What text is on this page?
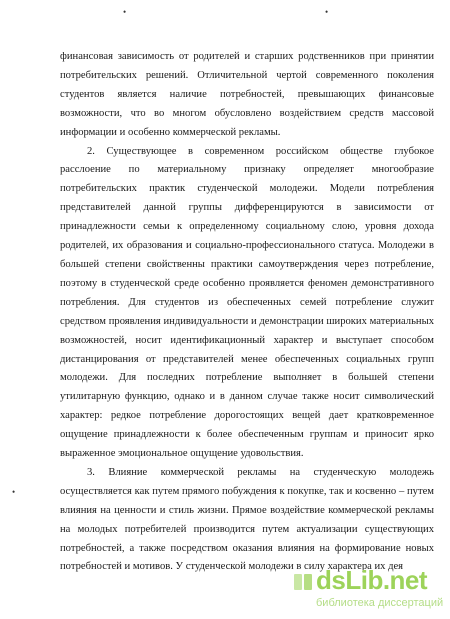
•	•
•

финансовая зависимость от родителей и старших родственников при принятии потребительских решений. Отличительной чертой современного поколения студентов является наличие потребностей, превышающих финансовые возможности, что во многом обусловлено воздействием средств массовой информации и особенно коммерческой рекламы.

2. Существующее в современном российском обществе глубокое расслоение по материальному признаку определяет многообразие потребительских практик студенческой молодежи. Модели потребления представителей данной группы дифференцируются в зависимости от принадлежности семьи к определенному социальному слою, уровня дохода родителей, их образования и социально-профессионального статуса. Молодежи в большей степени свойственны практики самоутверждения через потребление, поэтому в студенческой среде особенно проявляется феномен демонстративного потребления. Для студентов из обеспеченных семей потребление служит средством проявления индивидуальности и демонстрации широких материальных возможностей, носит идентификационный характер и выступает способом дистанцирования от представителей менее обеспеченных социальных групп молодежи. Для последних потребление выполняет в большей степени утилитарную функцию, однако и в данном случае также носит символический характер: редкое потребление дорогостоящих вещей дает кратковременное ощущение принадлежности к более обеспеченным группам и приносит ярко выраженное эмоциональное ощущение удовольствия.

3. Влияние коммерческой рекламы на студенческую молодежь осуществляется как путем прямого побуждения к покупке, так и косвенно – путем влияния на ценности и стиль жизни. Прямое воздействие коммерческой рекламы на молодых потребителей производится путем актуализации существующих потребностей, а также посредством оказания влияния на формирование новых потребностей и мотивов. У студенческой молодежи в силу характера их дея

dsLib.net
библиотека диссертаций
